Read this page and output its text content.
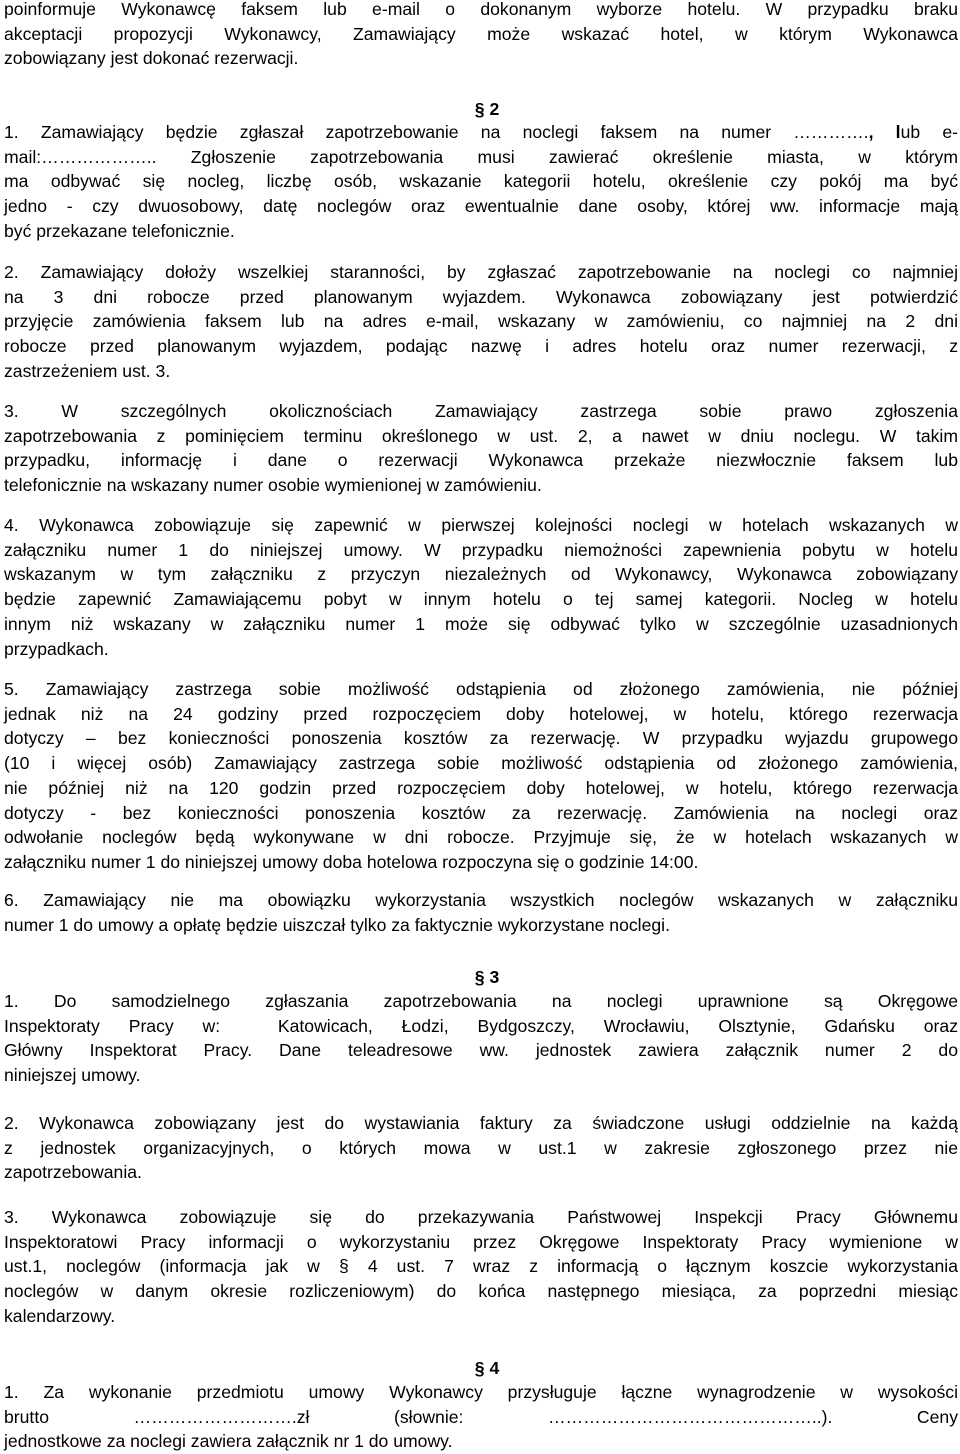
poinformuje Wykonawcę faksem lub e-mail o dokonanym wyborze hotelu. W przypadku braku
akceptacji propozycji Wykonawcy, Zamawiający może wskazać hotel, w którym Wykonawca
zobowiązany jest dokonać rezerwacji.
§ 2
1. Zamawiający będzie zgłaszał zapotrzebowanie na noclegi faksem na numer …………., lub e-
mail:……………….. Zgłoszenie zapotrzebowania musi zawierać określenie miasta, w którym
ma odbywać się nocleg, liczbę osób, wskazanie kategorii hotelu, określenie czy pokój ma być
jedno - czy dwuosobowy, datę noclegów oraz ewentualnie dane osoby, której ww. informacje mają
być przekazane telefonicznie.
2. Zamawiający dołoży wszelkiej staranności, by zgłaszać zapotrzebowanie na noclegi co najmniej
na 3 dni robocze przed planowanym wyjazdem. Wykonawca zobowiązany jest potwierdzić
przyjęcie zamówienia faksem lub na adres e-mail, wskazany w zamówieniu, co najmniej na 2 dni
robocze przed planowanym wyjazdem, podając nazwę i adres hotelu oraz numer rezerwacji, z
zastrzeżeniem ust. 3.
3. W szczególnych okolicznościach Zamawiający zastrzega sobie prawo zgłoszenia
zapotrzebowania z pominięciem terminu określonego w ust. 2, a nawet w dniu noclegu. W takim
przypadku, informację i dane o rezerwacji Wykonawca przekaże niezwłocznie faksem lub
telefonicznie na wskazany numer osobie wymienionej w zamówieniu.
4. Wykonawca zobowiązuje się zapewnić w pierwszej kolejności noclegi w hotelach wskazanych w
załączniku numer 1 do niniejszej umowy. W przypadku niemożności zapewnienia pobytu w hotelu
wskazanym w tym załączniku z przyczyn niezależnych od Wykonawcy, Wykonawca zobowiązany
będzie zapewnić Zamawiającemu pobyt w innym hotelu o tej samej kategorii. Nocleg w hotelu
innym niż wskazany w załączniku numer 1 może się odbywać tylko w szczególnie uzasadnionych
przypadkach.
5. Zamawiający zastrzega sobie możliwość odstąpienia od złożonego zamówienia, nie później
jednak niż na 24 godziny przed rozpoczęciem doby hotelowej, w hotelu, którego rezerwacja
dotyczy – bez konieczności ponoszenia kosztów za rezerwację. W przypadku wyjazdu grupowego
(10 i więcej osób) Zamawiający zastrzega sobie możliwość odstąpienia od złożonego zamówienia,
nie później niż na 120 godzin przed rozpoczęciem doby hotelowej, w hotelu, którego rezerwacja
dotyczy - bez konieczności ponoszenia kosztów za rezerwację. Zamówienia na noclegi oraz
odwołanie noclegów będą wykonywane w dni robocze. Przyjmuje się, że w hotelach wskazanych w
załączniku numer 1 do niniejszej umowy doba hotelowa rozpoczyna się o godzinie 14:00.
6. Zamawiający nie ma obowiązku wykorzystania wszystkich noclegów wskazanych w załączniku
numer 1 do umowy a opłatę będzie uiszczał tylko za faktycznie wykorzystane noclegi.
§ 3
1. Do samodzielnego zgłaszania zapotrzebowania na noclegi uprawnione są Okręgowe
Inspektoraty Pracy w:  Katowicach, Łodzi, Bydgoszczy, Wrocławiu, Olsztynie, Gdańsku oraz
Główny Inspektorat Pracy. Dane teleadresowe ww. jednostek zawiera załącznik numer 2 do
niniejszej umowy.
2. Wykonawca zobowiązany jest do wystawiania faktury za świadczone usługi oddzielnie na każdą
z jednostek organizacyjnych, o których mowa w ust.1 w zakresie zgłoszonego przez nie
zapotrzebowania.
3. Wykonawca zobowiązuje się do przekazywania Państwowej Inspekcji Pracy Głównemu
Inspektoratowi Pracy informacji o wykorzystaniu przez Okręgowe Inspektoraty Pracy wymienione w
ust.1, noclegów (informacja jak w § 4 ust. 7 wraz z informacją o łącznym koszcie wykorzystania
noclegów w danym okresie rozliczeniowym) do końca następnego miesiąca, za poprzedni miesiąc
kalendarzowy.
§ 4
1. Za wykonanie przedmiotu umowy Wykonawcy przysługuje łączne wynagrodzenie w wysokości
brutto ……………………….zł (słownie: ………………………………………..). Ceny
jednostkowe za noclegi zawiera załącznik nr 1 do umowy.
